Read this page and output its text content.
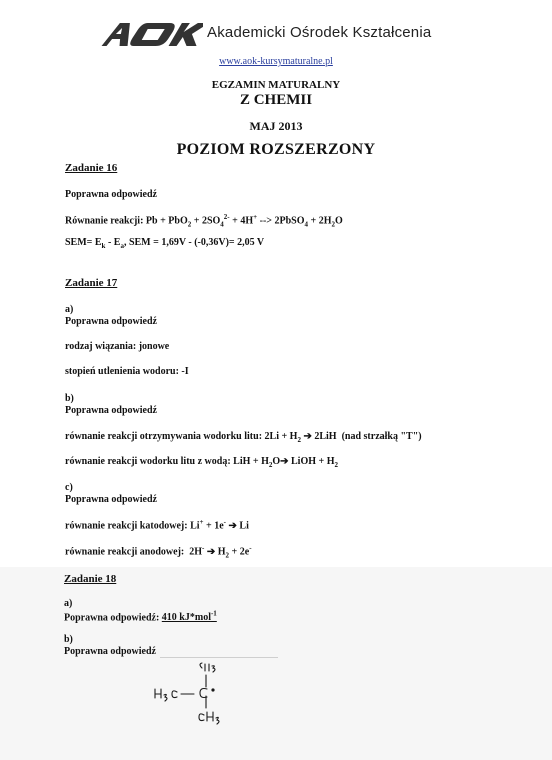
Akademicki Ośrodek Kształcenia
www.aok-kursymaturalne.pl
EGZAMIN MATURALNY
Z CHEMII
MAJ 2013
POZIOM ROZSZERZONY
Zadanie 16
Poprawna odpowiedź
Równanie reakcji: $Pb + PbO_2 + 2SO_4^{2-} + 4H^+$ --> 2PbSO$_4$ + $2H_2O$
$SEM= E_k - E_a$, SEM = 1,69V - (-0,36V)= 2,05 V
Zadanie 17
a)
Poprawna odpowiedź
rodzaj wiązania: jonowe
stopień utlenienia wodoru: -I
b)
Poprawna odpowiedź
równanie reakcji otrzymywania wodorku litu: $2Li + H_2$ ➔ 2LiH  (nad strzałką "T")
równanie reakcji wodorku litu z wodą: LiH + $H_2O➔$ LiOH + $H_2$
c)
Poprawna odpowiedź
równanie reakcji katodowej: Li+ + 1e- ➔ Li
równanie reakcji anodowej:  2H- ➔ $H_2 + 2e^-$
Zadanie 18
a)
Poprawna odpowiedź: 410 kJ*mol$^{-1}$
b)
Poprawna odpowiedź
